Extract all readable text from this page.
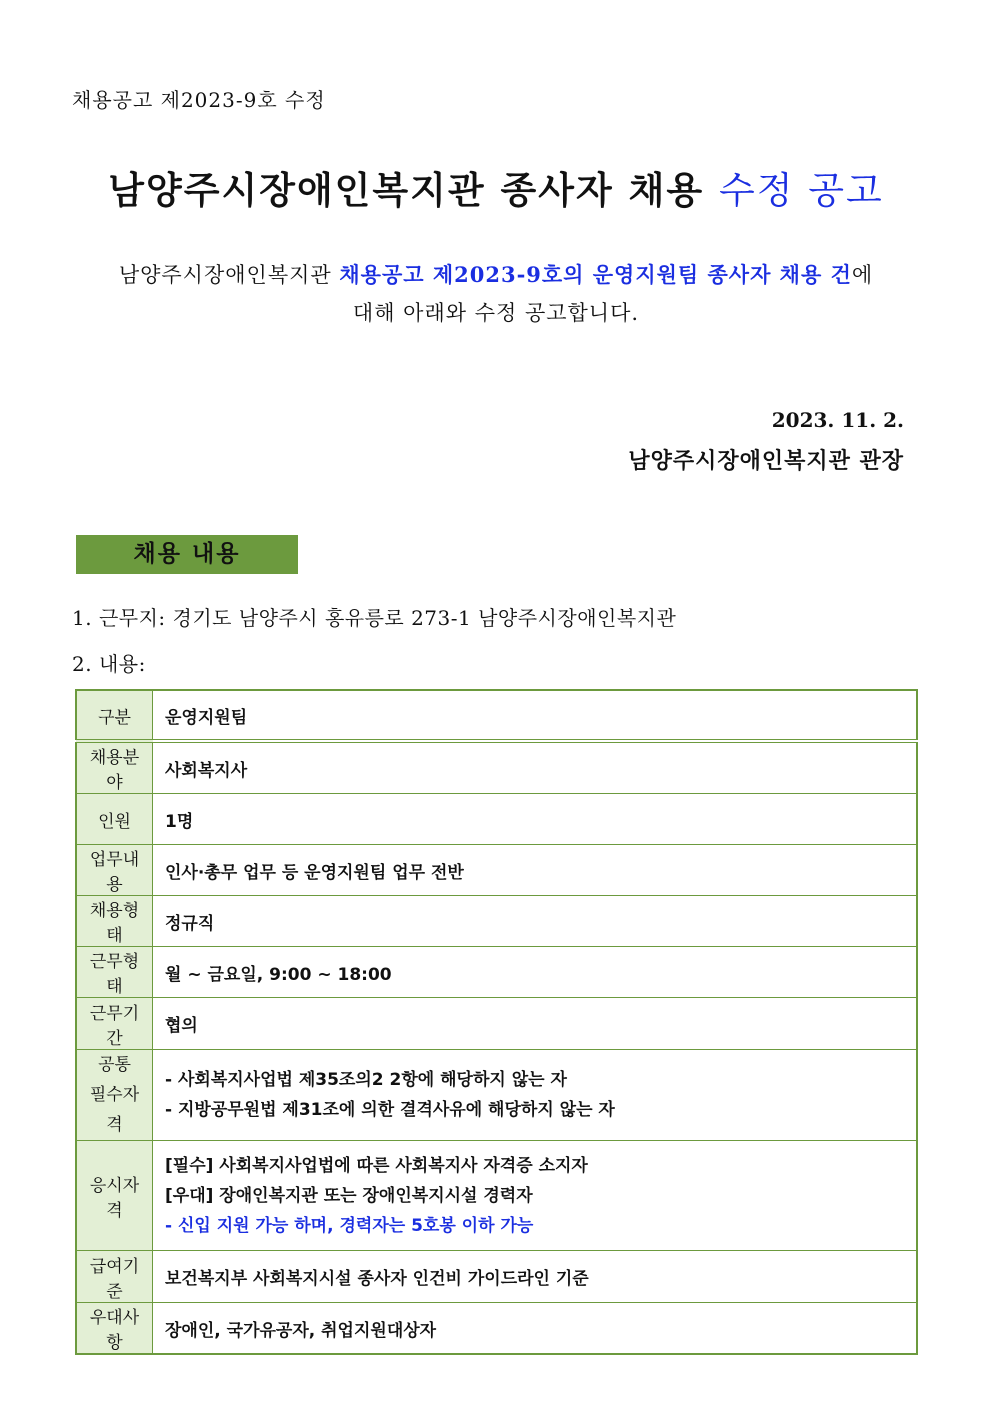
채용공고 제2023-9호 수정
남양주시장애인복지관 종사자 채용 수정 공고
남양주시장애인복지관 채용공고 제2023-9호의 운영지원팀 종사자 채용 건에
대해 아래와 수정 공고합니다.
2023. 11. 2.
남양주시장애인복지관 관장
채용 내용
1. 근무지: 경기도 남양주시 홍유릉로 273-1 남양주시장애인복지관
2. 내용:
구분	운영지원팀
채용분야	사회복지사
인원	1명
업무내용	인사·총무 업무 등 운영지원팀 업무 전반
채용형태	정규직
근무형태	월 ~ 금요일, 9:00 ~ 18:00
근무기간	협의

공통
필수자격	- 사회복지사업법 제35조의2 2항에 해당하지 않는 자
- 지방공무원법 제31조에 의한 결격사유에 해당하지 않는 자

응시자격	[필수] 사회복지사업법에 따른 사회복지사 자격증 소지자
[우대] 장애인복지관 또는 장애인복지시설 경력자
- 신입 지원 가능 하며, 경력자는 5호봉 이하 가능

급여기준	보건복지부 사회복지시설 종사자 인건비 가이드라인 기준
우대사항	장애인, 국가유공자, 취업지원대상자
